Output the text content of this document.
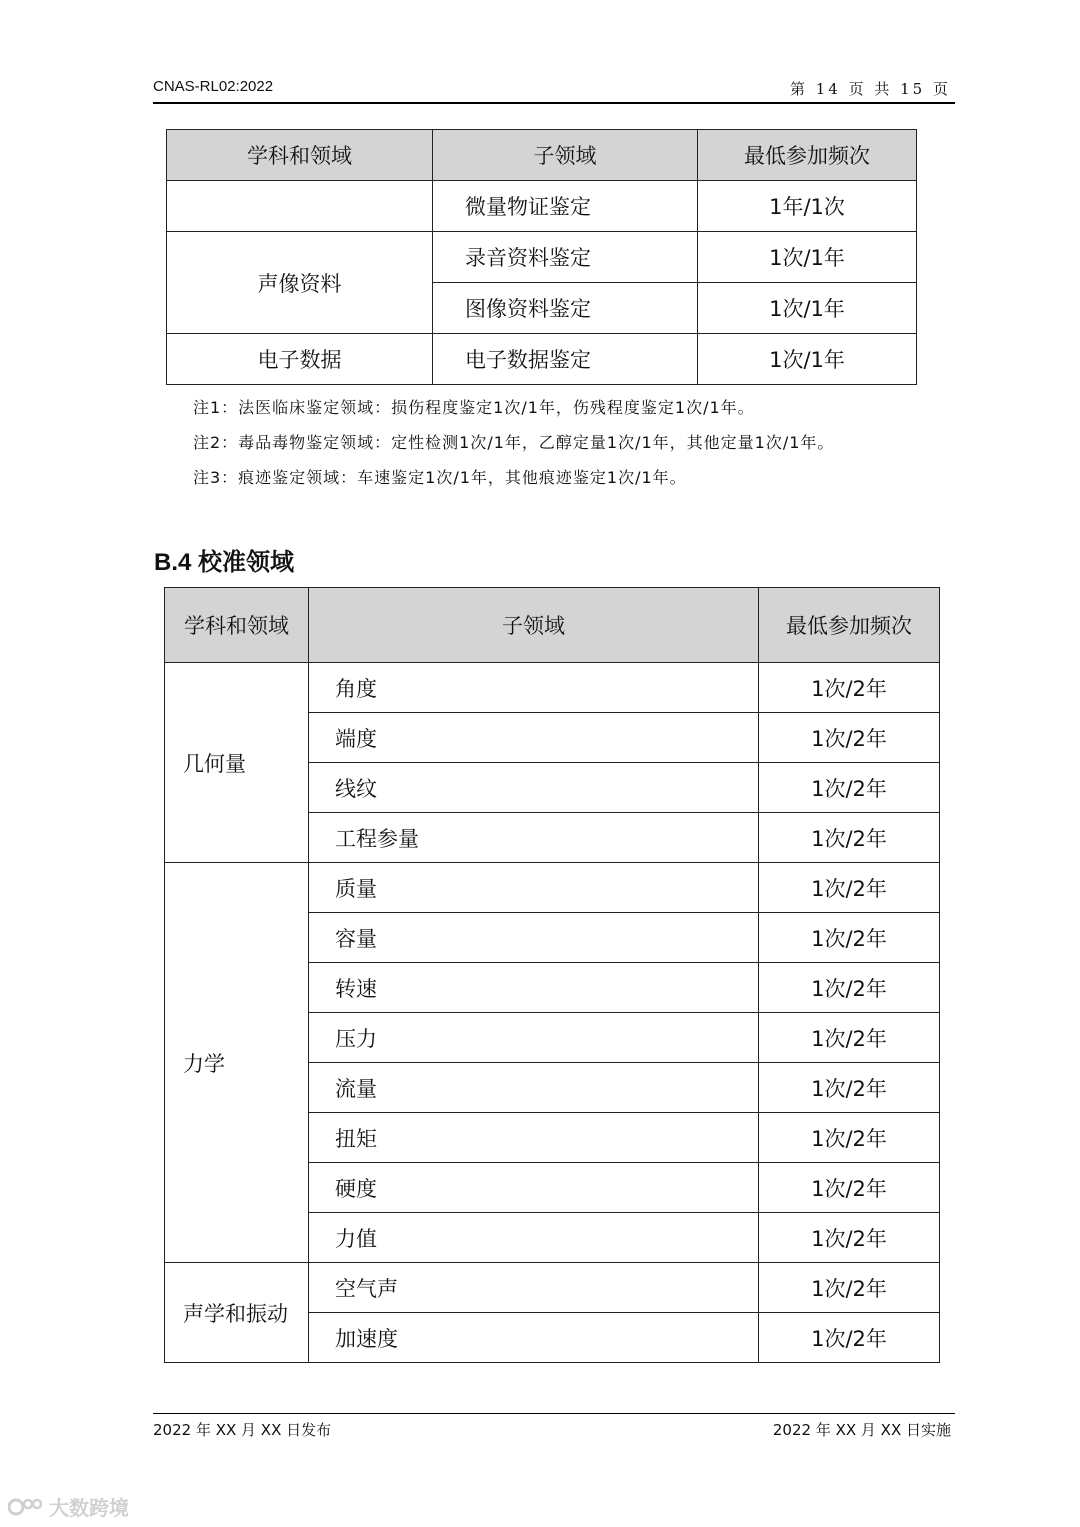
CNAS-RL02:2022	第 14 页 共 15 页
学科和领域	子领域	最低参加频次
	微量物证鉴定	1年/1次
声像资料	录音资料鉴定	1次/1年
	图像资料鉴定	1次/1年
电子数据	电子数据鉴定	1次/1年
注1：法医临床鉴定领域：损伤程度鉴定1次/1年，伤残程度鉴定1次/1年。
注2：毒品毒物鉴定领域：定性检测1次/1年，乙醇定量1次/1年，其他定量1次/1年。
注3：痕迹鉴定领域：车速鉴定1次/1年，其他痕迹鉴定1次/1年。
B.4 校准领域
学科和领域	子领域	最低参加频次
几何量	角度	1次/2年
	端度	1次/2年
	线纹	1次/2年
	工程参量	1次/2年
力学	质量	1次/2年
	容量	1次/2年
	转速	1次/2年
	压力	1次/2年
	流量	1次/2年
	扭矩	1次/2年
	硬度	1次/2年
	力值	1次/2年
声学和振动	空气声	1次/2年
	加速度	1次/2年
2022 年 XX 月 XX 日发布	2022 年 XX 月 XX 日实施
大数跨境
